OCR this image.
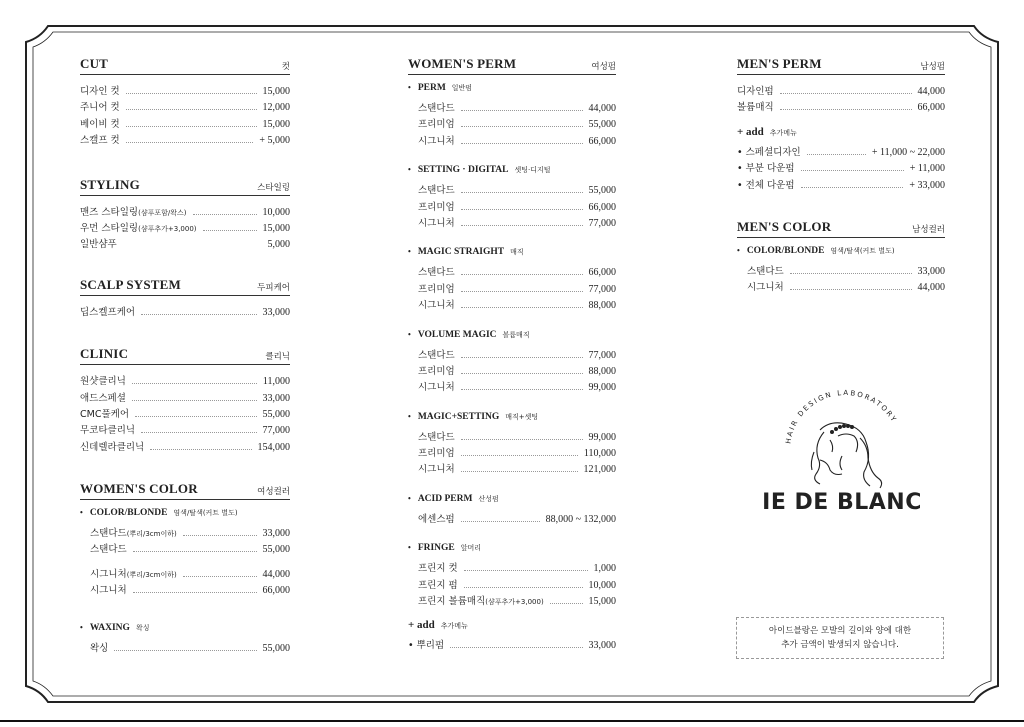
CUT	컷
디자인 컷	15,000
주니어 컷	12,000
베이비 컷	15,000
스캘프 컷	+ 5,000
STYLING	스타일링
맨즈 스타일링(샴푸포함/왁스)	10,000
우먼 스타일링(샴푸추가+3,000)	15,000
일반샴푸	5,000
SCALP SYSTEM	두피케어
딥스켈프케어	33,000
CLINIC	클리닉
원샷클리닉	11,000
애드스페셜	33,000
CMC풀케어	55,000
무코타클리닉	77,000
신데렐라클리닉	154,000
WOMEN'S COLOR	여성컬러
• COLOR/BLONDE 염색/탈색(커트 별도)
스탠다드(뿌리/3cm이하)	33,000
스탠다드	55,000
시그니처(뿌리/3cm이하)	44,000
시그니처	66,000
• WAXING 왁싱
왁싱	55,000
WOMEN'S PERM	여성펌
• PERM 일반펌
스탠다드	44,000
프리미엄	55,000
시그니처	66,000
• SETTING · DIGITAL 셋팅·디지털
스탠다드	55,000
프리미엄	66,000
시그니처	77,000
• MAGIC STRAIGHT 매직
스탠다드	66,000
프리미엄	77,000
시그니처	88,000
• VOLUME MAGIC 볼륨매직
스탠다드	77,000
프리미엄	88,000
시그니처	99,000
• MAGIC+SETTING 매직+셋팅
스탠다드	99,000
프리미엄	110,000
시그니처	121,000
• ACID PERM 산성펌
에센스펌	88,000 ~ 132,000
• FRINGE 앞머리
프린지 컷	1,000
프린지 펌	10,000
프린지 볼륨매직(샴푸추가+3,000)	15,000
+ add 추가메뉴
• 뿌리펌	33,000
MEN'S PERM	남성펌
디자인펌	44,000
볼륨매직	66,000
+ add 추가메뉴
• 스페셜디자인	+ 11,000 ~ 22,000
• 부분 다운펌	+ 11,000
• 전체 다운펌	+ 33,000
MEN'S COLOR	남성컬러
• COLOR/BLONDE 염색/탈색(커트 별도)
스탠다드	33,000
시그니처	44,000
HAIR DESIGN LABORATORY
IE DE BLANC
아이드블랑은 모발의 길이와 양에 대한
추가 금액이 발생되지 않습니다.
